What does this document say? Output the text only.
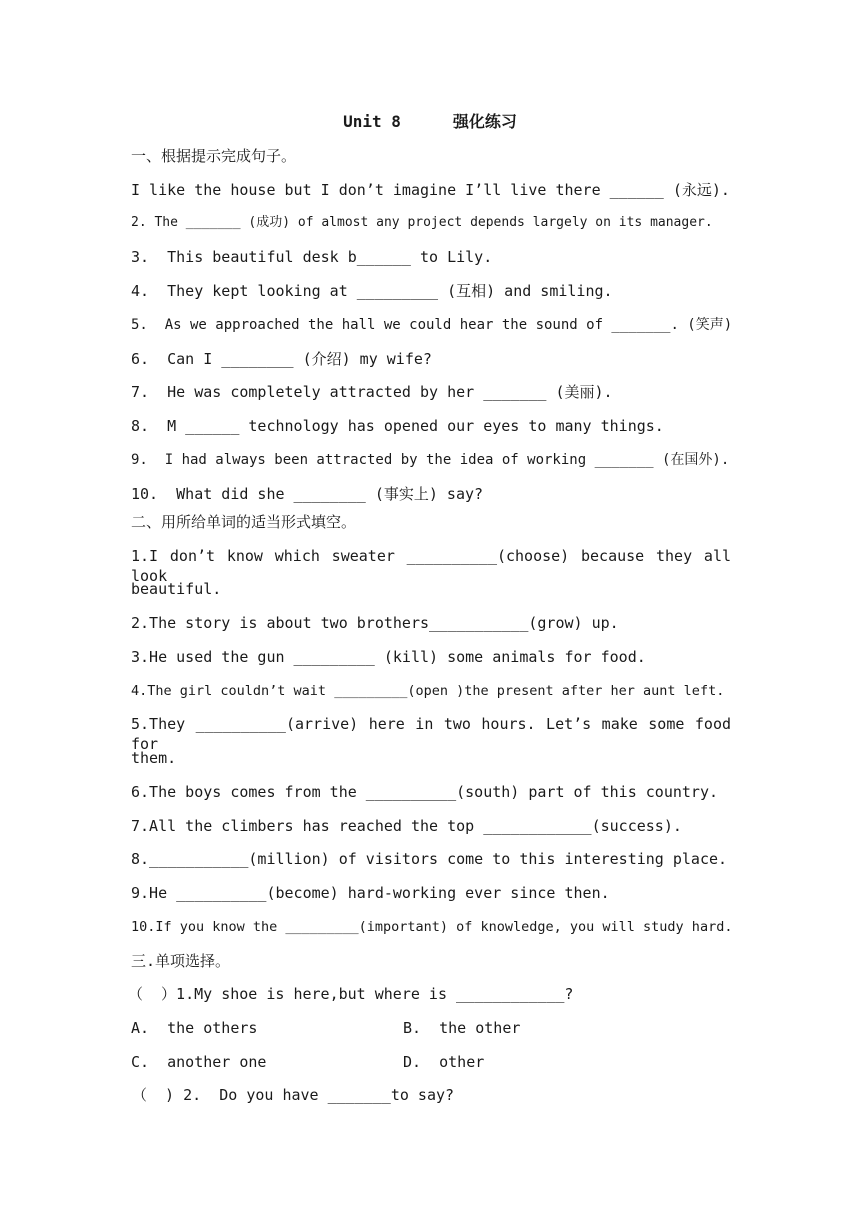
Unit 8	强化练习
一、根据提示完成句子。
I like the house but I don’t imagine I’ll live there ______ (永远).
2. The _______ (成功) of almost any project depends largely on its manager.
3.  This beautiful desk b______ to Lily.
4.  They kept looking at _________ (互相) and smiling.
5.  As we approached the hall we could hear the sound of _______. (笑声)
6.  Can I ________ (介绍) my wife?
7.  He was completely attracted by her _______ (美丽).
8.  M ______ technology has opened our eyes to many things.
9.  I had always been attracted by the idea of working _______ (在国外).
10.  What did she ________ (事实上) say?
二、用所给单词的适当形式填空。
1.I don’t know which sweater __________(choose) because they all look
beautiful.
2.The story is about two brothers___________(grow) up.
3.He used the gun _________ (kill) some animals for food.
4.The girl couldn’t wait _________(open )the present after her aunt left.
5.They __________(arrive) here in two hours. Let’s make some food for
them.
6.The boys comes from the __________(south) part of this country.
7.All the climbers has reached the top ____________(success).
8.___________(million) of visitors come to this interesting place.
9.He __________(become) hard-working ever since then.
10.If you know the _________(important) of knowledge, you will study hard.
三.单项选择。
（  ）1.My shoe is here,but where is ____________?
A.  the others	B.  the other
C.  another one	D.  other
（  ) 2.  Do you have _______to say?
